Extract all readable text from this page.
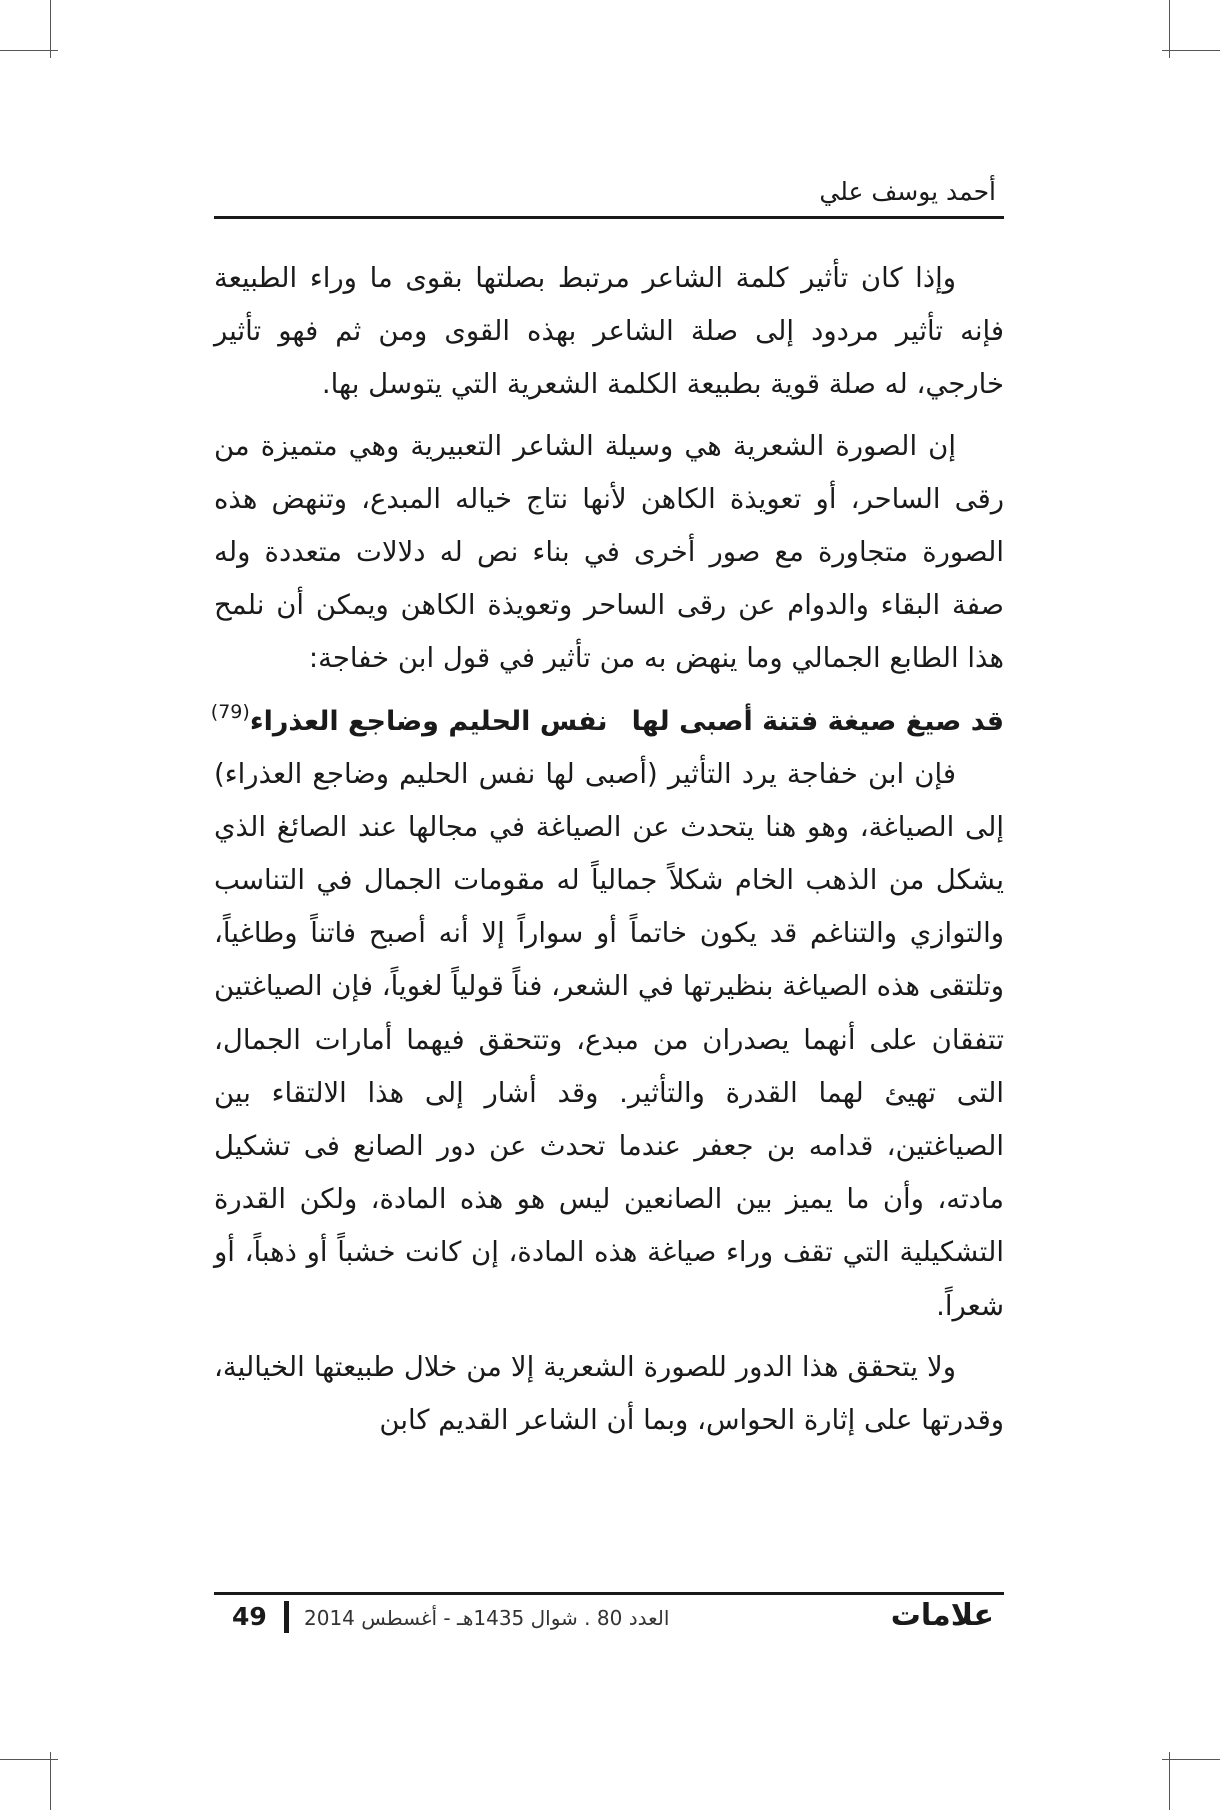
أحمد يوسف علي

وإذا كان تأثير كلمة الشاعر مرتبط بصلتها بقوى ما وراء الطبيعة فإنه تأثير مردود إلى صلة الشاعر بهذه القوى ومن ثم فهو تأثير خارجي، له صلة قوية بطبيعة الكلمة الشعرية التي يتوسل بها.

إن الصورة الشعرية هي وسيلة الشاعر التعبيرية وهي متميزة من رقى الساحر، أو تعويذة الكاهن لأنها نتاج خياله المبدع، وتنهض هذه الصورة متجاورة مع صور أخرى في بناء نص له دلالات متعددة وله صفة البقاء والدوام عن رقى الساحر وتعويذة الكاهن ويمكن أن نلمح هذا الطابع الجمالي وما ينهض به من تأثير في قول ابن خفاجة:

قد صيغ صيغة فتنة أصبى لهانفس الحليم وضاجع العذراء$^{(79)}$

فإن ابن خفاجة يرد التأثير (أصبى لها نفس الحليم وضاجع العذراء) إلى الصياغة، وهو هنا يتحدث عن الصياغة في مجالها عند الصائغ الذي يشكل من الذهب الخام شكلاً جمالياً له مقومات الجمال في التناسب والتوازي والتناغم قد يكون خاتماً أو سواراً إلا أنه أصبح فاتناً وطاغياً، وتلتقى هذه الصياغة بنظيرتها في الشعر، فناً قولياً لغوياً، فإن الصياغتين تتفقان على أنهما يصدران من مبدع، وتتحقق فيهما أمارات الجمال، التى تهيئ لهما القدرة والتأثير. وقد أشار إلى هذا الالتقاء بين الصياغتين، قدامه بن جعفر عندما تحدث عن دور الصانع فى تشكيل مادته، وأن ما يميز بين الصانعين ليس هو هذه المادة، ولكن القدرة التشكيلية التي تقف وراء صياغة هذه المادة، إن كانت خشباً أو ذهباً، أو شعراً.

ولا يتحقق هذا الدور للصورة الشعرية إلا من خلال طبيعتها الخيالية، وقدرتها على إثارة الحواس، وبما أن الشاعر القديم كابن

49 العدد 80 . شوال 1435هـ - أغسطس 2014	علامات
